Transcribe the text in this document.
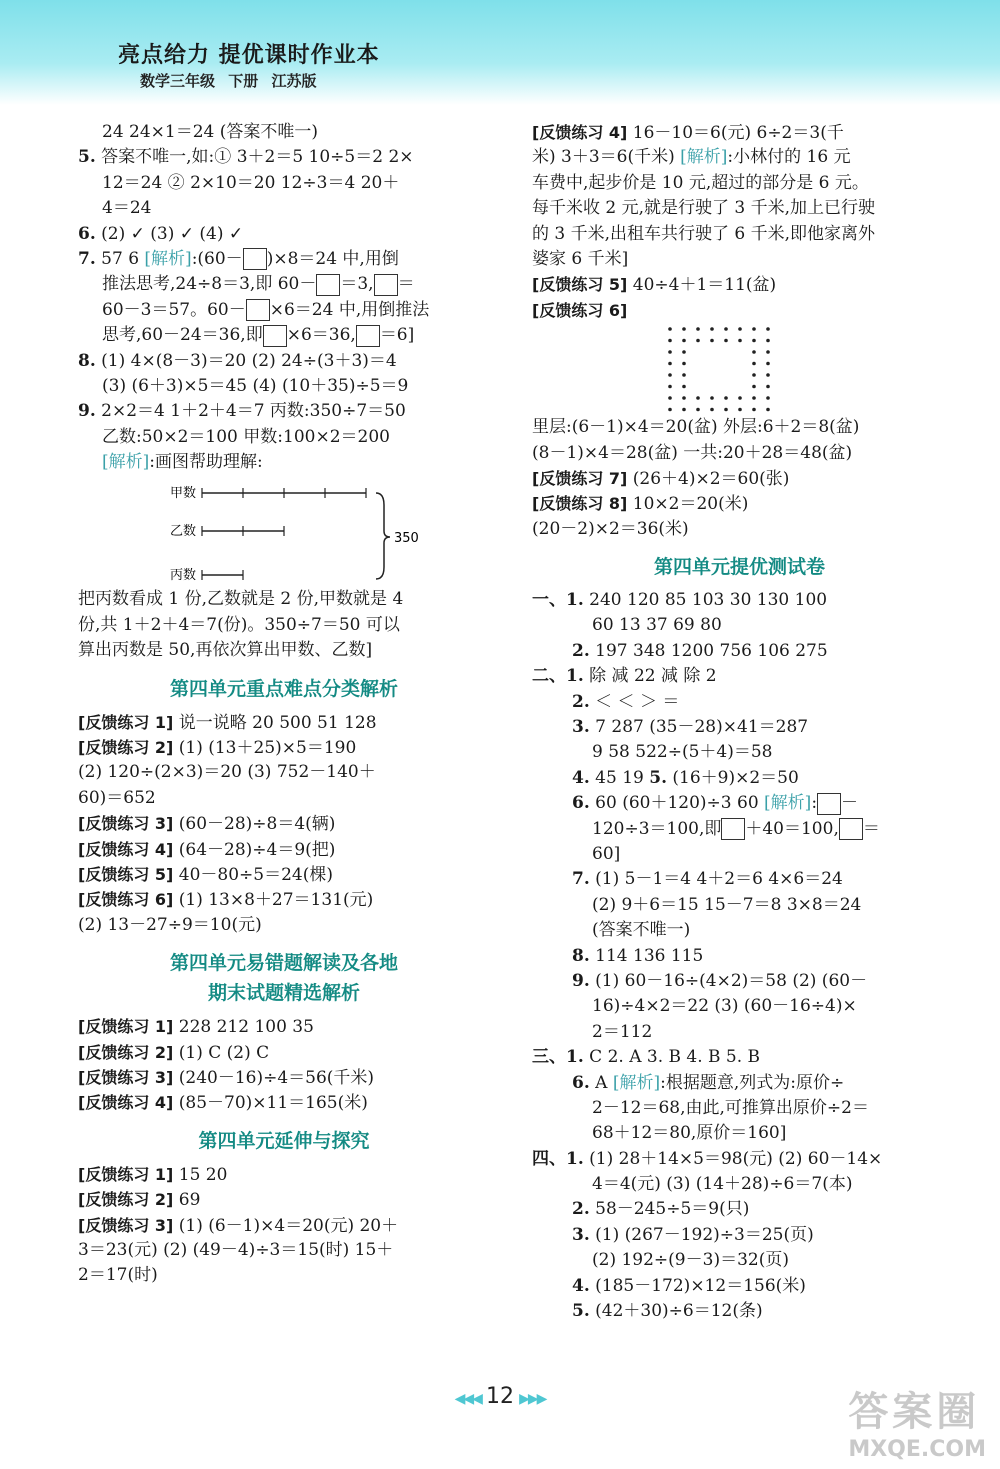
亮点给力 提优课时作业本
数学三年级 下册 江苏版
24 24×1＝24 (答案不唯一)
5. 答案不唯一,如:① 3＋2＝5 10÷5＝2 2×
12＝24 ② 2×10＝20 12÷3＝4 20＋
4＝24
6. (2) ✓ (3) ✓ (4) ✓
7. 57 6 [解析]:(60－ )×8＝24 中,用倒
推法思考,24÷8＝3,即 60－ ＝3, ＝
60－3＝57。60－ ×6＝24 中,用倒推法
思考,60－24＝36,即 ×6＝36, ＝6]
8. (1) 4×(8－3)＝20 (2) 24÷(3＋3)＝4
(3) (6＋3)×5＝45 (4) (10＋35)÷5＝9
9. 2×2＝4 1＋2＋4＝7 丙数:350÷7＝50
乙数:50×2＝100 甲数:100×2＝200
[解析]:画图帮助理解:
甲数
乙数
丙数
350
把丙数看成 1 份,乙数就是 2 份,甲数就是 4
份,共 1＋2＋4＝7(份)。350÷7＝50 可以
算出丙数是 50,再依次算出甲数、乙数]
第四单元重点难点分类解析
[反馈练习 1] 说一说略 20 500 51 128
[反馈练习 2] (1) (13＋25)×5＝190
(2) 120÷(2×3)＝20 (3) 752－140＋
60)＝652
[反馈练习 3] (60－28)÷8＝4(辆)
[反馈练习 4] (64－28)÷4＝9(把)
[反馈练习 5] 40－80÷5＝24(棵)
[反馈练习 6] (1) 13×8＋27＝131(元)
(2) 13－27÷9＝10(元)
第四单元易错题解读及各地
期末试题精选解析
[反馈练习 1] 228 212 100 35
[反馈练习 2] (1) C (2) C
[反馈练习 3] (240－16)÷4＝56(千米)
[反馈练习 4] (85－70)×11＝165(米)
第四单元延伸与探究
[反馈练习 1] 15 20
[反馈练习 2] 69
[反馈练习 3] (1) (6－1)×4＝20(元) 20＋
3＝23(元) (2) (49－4)÷3＝15(时) 15＋
2＝17(时)
[反馈练习 4] 16－10＝6(元) 6÷2＝3(千
米) 3＋3＝6(千米) [解析]:小林付的 16 元
车费中,起步价是 10 元,超过的部分是 6 元。
每千米收 2 元,就是行驶了 3 千米,加上已行驶
的 3 千米,出租车共行驶了 6 千米,即他家离外
婆家 6 千米]
[反馈练习 5] 40÷4＋1＝11(盆)
[反馈练习 6]
里层:(6－1)×4＝20(盆) 外层:6＋2＝8(盆)
(8－1)×4＝28(盆) 一共:20＋28＝48(盆)
[反馈练习 7] (26＋4)×2＝60(张)
[反馈练习 8] 10×2＝20(米)
(20－2)×2＝36(米)
第四单元提优测试卷
一、1. 240 120 85 103 30 130 100
60 13 37 69 80
2. 197 348 1200 756 106 275
二、1. 除 减 22 减 除 2
2. ＜ ＜ ＞ ＝
3. 7 287 (35－28)×41＝287
9 58 522÷(5＋4)＝58
4. 45 19 5. (16＋9)×2＝50
6. 60 (60＋120)÷3 60 [解析]: －
120÷3＝100,即 ＋40＝100, ＝
60]
7. (1) 5－1＝4 4＋2＝6 4×6＝24
(2) 9＋6＝15 15－7＝8 3×8＝24
(答案不唯一)
8. 114 136 115
9. (1) 60－16÷(4×2)＝58 (2) (60－
16)÷4×2＝22 (3) (60－16÷4)×
2＝112
三、1. C 2. A 3. B 4. B 5. B
6. A [解析]:根据题意,列式为:原价÷
2－12＝68,由此,可推算出原价÷2＝
68＋12＝80,原价＝160]
四、1. (1) 28＋14×5＝98(元) (2) 60－14×
4＝4(元) (3) (14＋28)÷6＝7(本)
2. 58－245÷5＝9(只)
3. (1) (267－192)÷3＝25(页)
(2) 192÷(9－3)＝32(页)
4. (185－172)×12＝156(米)
5. (42＋30)÷6＝12(条)
◀◀◀ 12 ▶▶▶	答案圈
MXQE.COM
